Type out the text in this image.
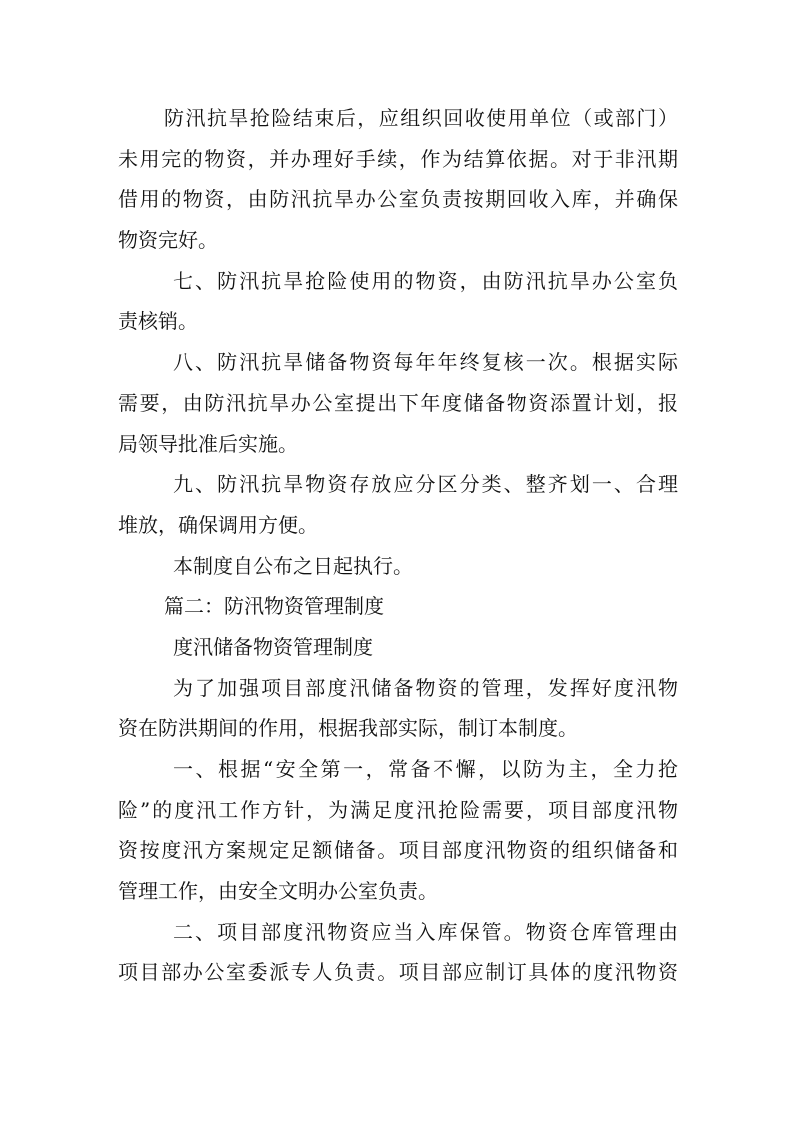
防汛抗旱抢险结束后，应组织回收使用单位（或部门）
未用完的物资，并办理好手续，作为结算依据。对于非汛期
借用的物资，由防汛抗旱办公室负责按期回收入库，并确保
物资完好。
七、防汛抗旱抢险使用的物资，由防汛抗旱办公室负
责核销。
八、防汛抗旱储备物资每年年终复核一次。根据实际
需要，由防汛抗旱办公室提出下年度储备物资添置计划，报
局领导批准后实施。
九、防汛抗旱物资存放应分区分类、整齐划一、合理
堆放，确保调用方便。
本制度自公布之日起执行。
篇二：防汛物资管理制度
度汛储备物资管理制度
为了加强项目部度汛储备物资的管理，发挥好度汛物
资在防洪期间的作用，根据我部实际，制订本制度。
一、根据“安全第一，常备不懈，以防为主，全力抢
险”的度汛工作方针，为满足度汛抢险需要，项目部度汛物
资按度汛方案规定足额储备。项目部度汛物资的组织储备和
管理工作，由安全文明办公室负责。
二、项目部度汛物资应当入库保管。物资仓库管理由
项目部办公室委派专人负责。项目部应制订具体的度汛物资
